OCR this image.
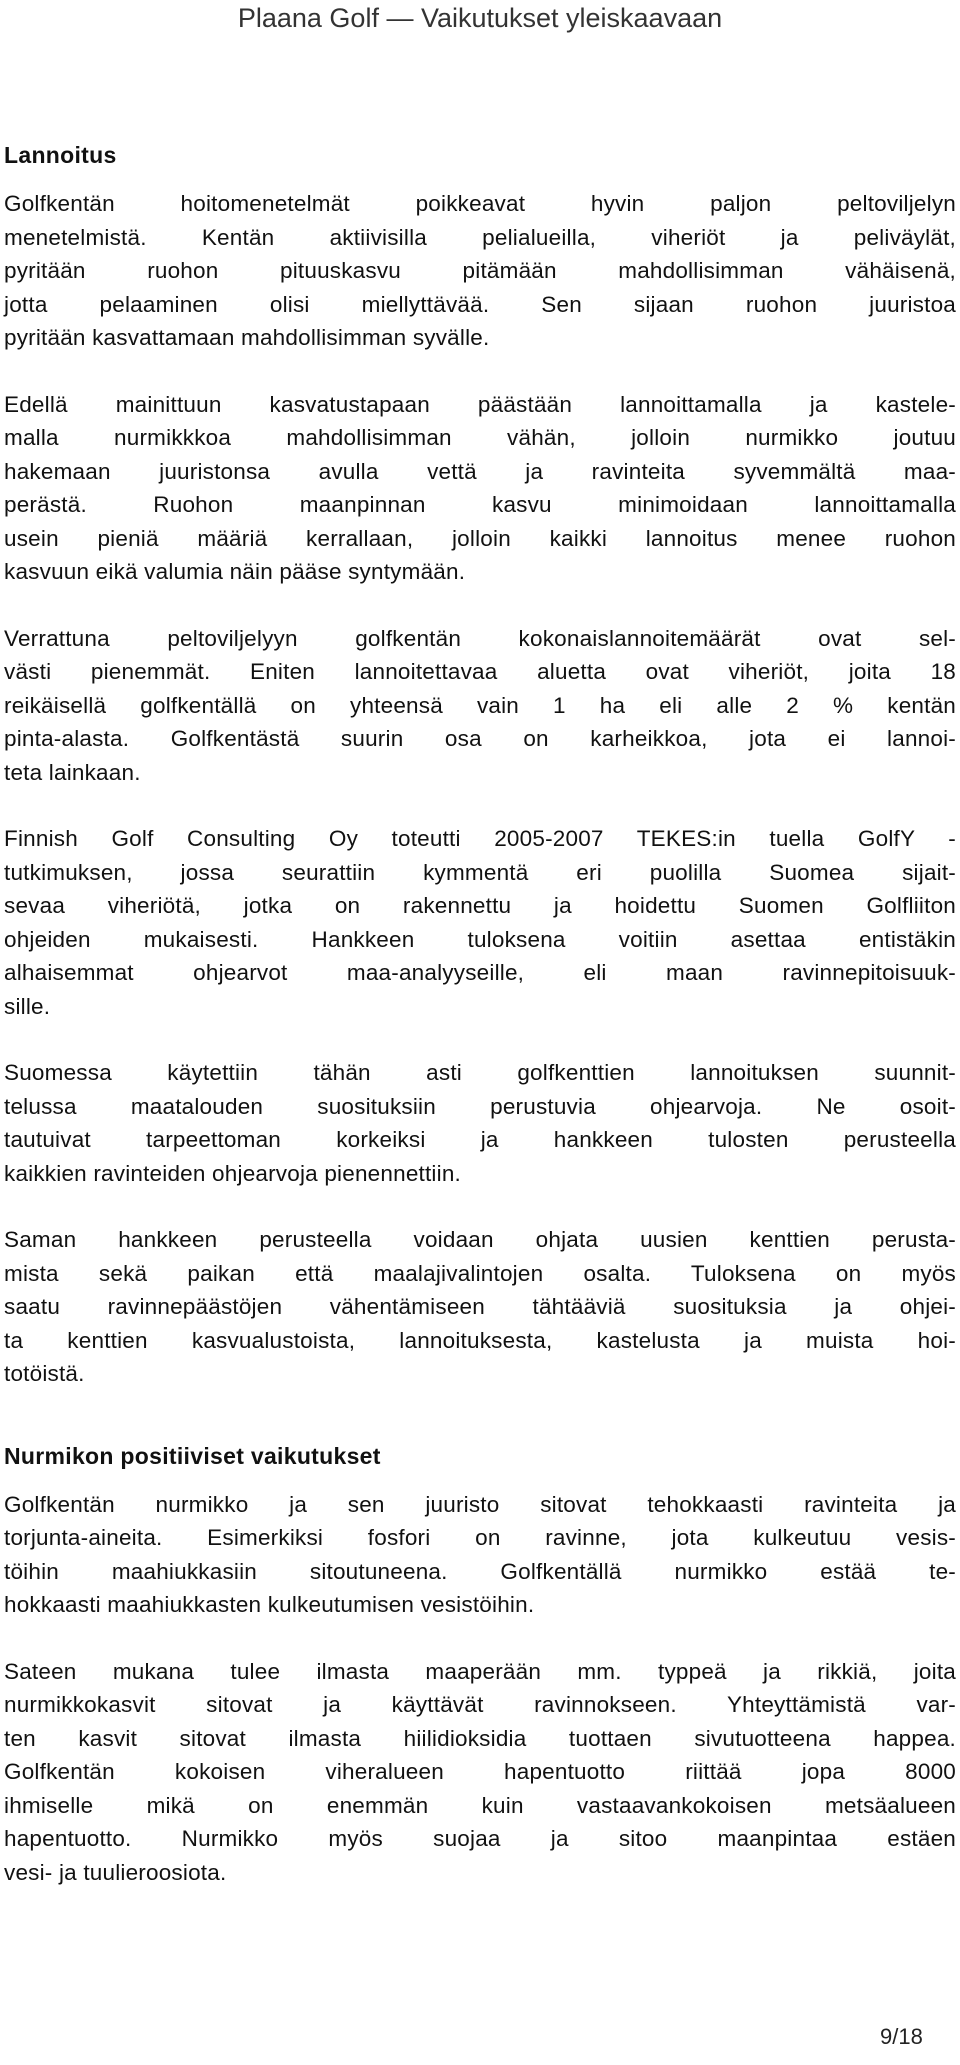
Plaana Golf — Vaikutukset yleiskaavaan
Lannoitus
Golfkentän hoitomenetelmät poikkeavat hyvin paljon peltoviljelyn
menetelmistä. Kentän aktiivisilla pelialueilla, viheriöt ja peliväylät,
pyritään ruohon pituuskasvu pitämään mahdollisimman vähäisenä,
jotta pelaaminen olisi miellyttävää. Sen sijaan ruohon juuristoa
pyritään kasvattamaan mahdollisimman syvälle.
Edellä mainittuun kasvatustapaan päästään lannoittamalla ja kastele-
malla nurmikkkoa mahdollisimman vähän, jolloin nurmikko joutuu
hakemaan juuristonsa avulla vettä ja ravinteita syvemmältä maa-
perästä. Ruohon maanpinnan kasvu minimoidaan lannoittamalla
usein pieniä määriä kerrallaan, jolloin kaikki lannoitus menee ruohon
kasvuun eikä valumia näin pääse syntymään.
Verrattuna peltoviljelyyn golfkentän kokonaislannoitemäärät ovat sel-
västi pienemmät. Eniten lannoitettavaa aluetta ovat viheriöt, joita 18
reikäisellä golfkentällä on yhteensä vain 1 ha eli alle 2 % kentän
pinta-alasta. Golfkentästä suurin osa on karheikkoa, jota ei lannoi-
teta lainkaan.
Finnish Golf Consulting Oy toteutti 2005-2007 TEKES:in tuella GolfY -
tutkimuksen, jossa seurattiin kymmentä eri puolilla Suomea sijait-
sevaa viheriötä, jotka on rakennettu ja hoidettu Suomen Golfliiton
ohjeiden mukaisesti. Hankkeen tuloksena voitiin asettaa entistäkin
alhaisemmat ohjearvot maa-analyyseille, eli maan ravinnepitoisuuk-
sille.
Suomessa käytettiin tähän asti golfkenttien lannoituksen suunnit-
telussa maatalouden suosituksiin perustuvia ohjearvoja. Ne osoit-
tautuivat tarpeettoman korkeiksi ja hankkeen tulosten perusteella
kaikkien ravinteiden ohjearvoja pienennettiin.
Saman hankkeen perusteella voidaan ohjata uusien kenttien perusta-
mista sekä paikan että maalajivalintojen osalta. Tuloksena on myös
saatu ravinnepäästöjen vähentämiseen tähtääviä suosituksia ja ohjei-
ta kenttien kasvualustoista, lannoituksesta, kastelusta ja muista hoi-
totöistä.
Nurmikon positiiviset vaikutukset
Golfkentän nurmikko ja sen juuristo sitovat tehokkaasti ravinteita ja
torjunta-aineita. Esimerkiksi fosfori on ravinne, jota kulkeutuu vesis-
töihin maahiukkasiin sitoutuneena. Golfkentällä nurmikko estää te-
hokkaasti maahiukkasten kulkeutumisen vesistöihin.
Sateen mukana tulee ilmasta maaperään mm. typpeä ja rikkiä, joita
nurmikkokasvit sitovat ja käyttävät ravinnokseen. Yhteyttämistä var-
ten kasvit sitovat ilmasta hiilidioksidia tuottaen sivutuotteena happea.
Golfkentän kokoisen viheralueen hapentuotto riittää jopa 8000
ihmiselle mikä on enemmän kuin vastaavankokoisen metsäalueen
hapentuotto. Nurmikko myös suojaa ja sitoo maanpintaa estäen
vesi- ja tuulieroosiota.
9/18
